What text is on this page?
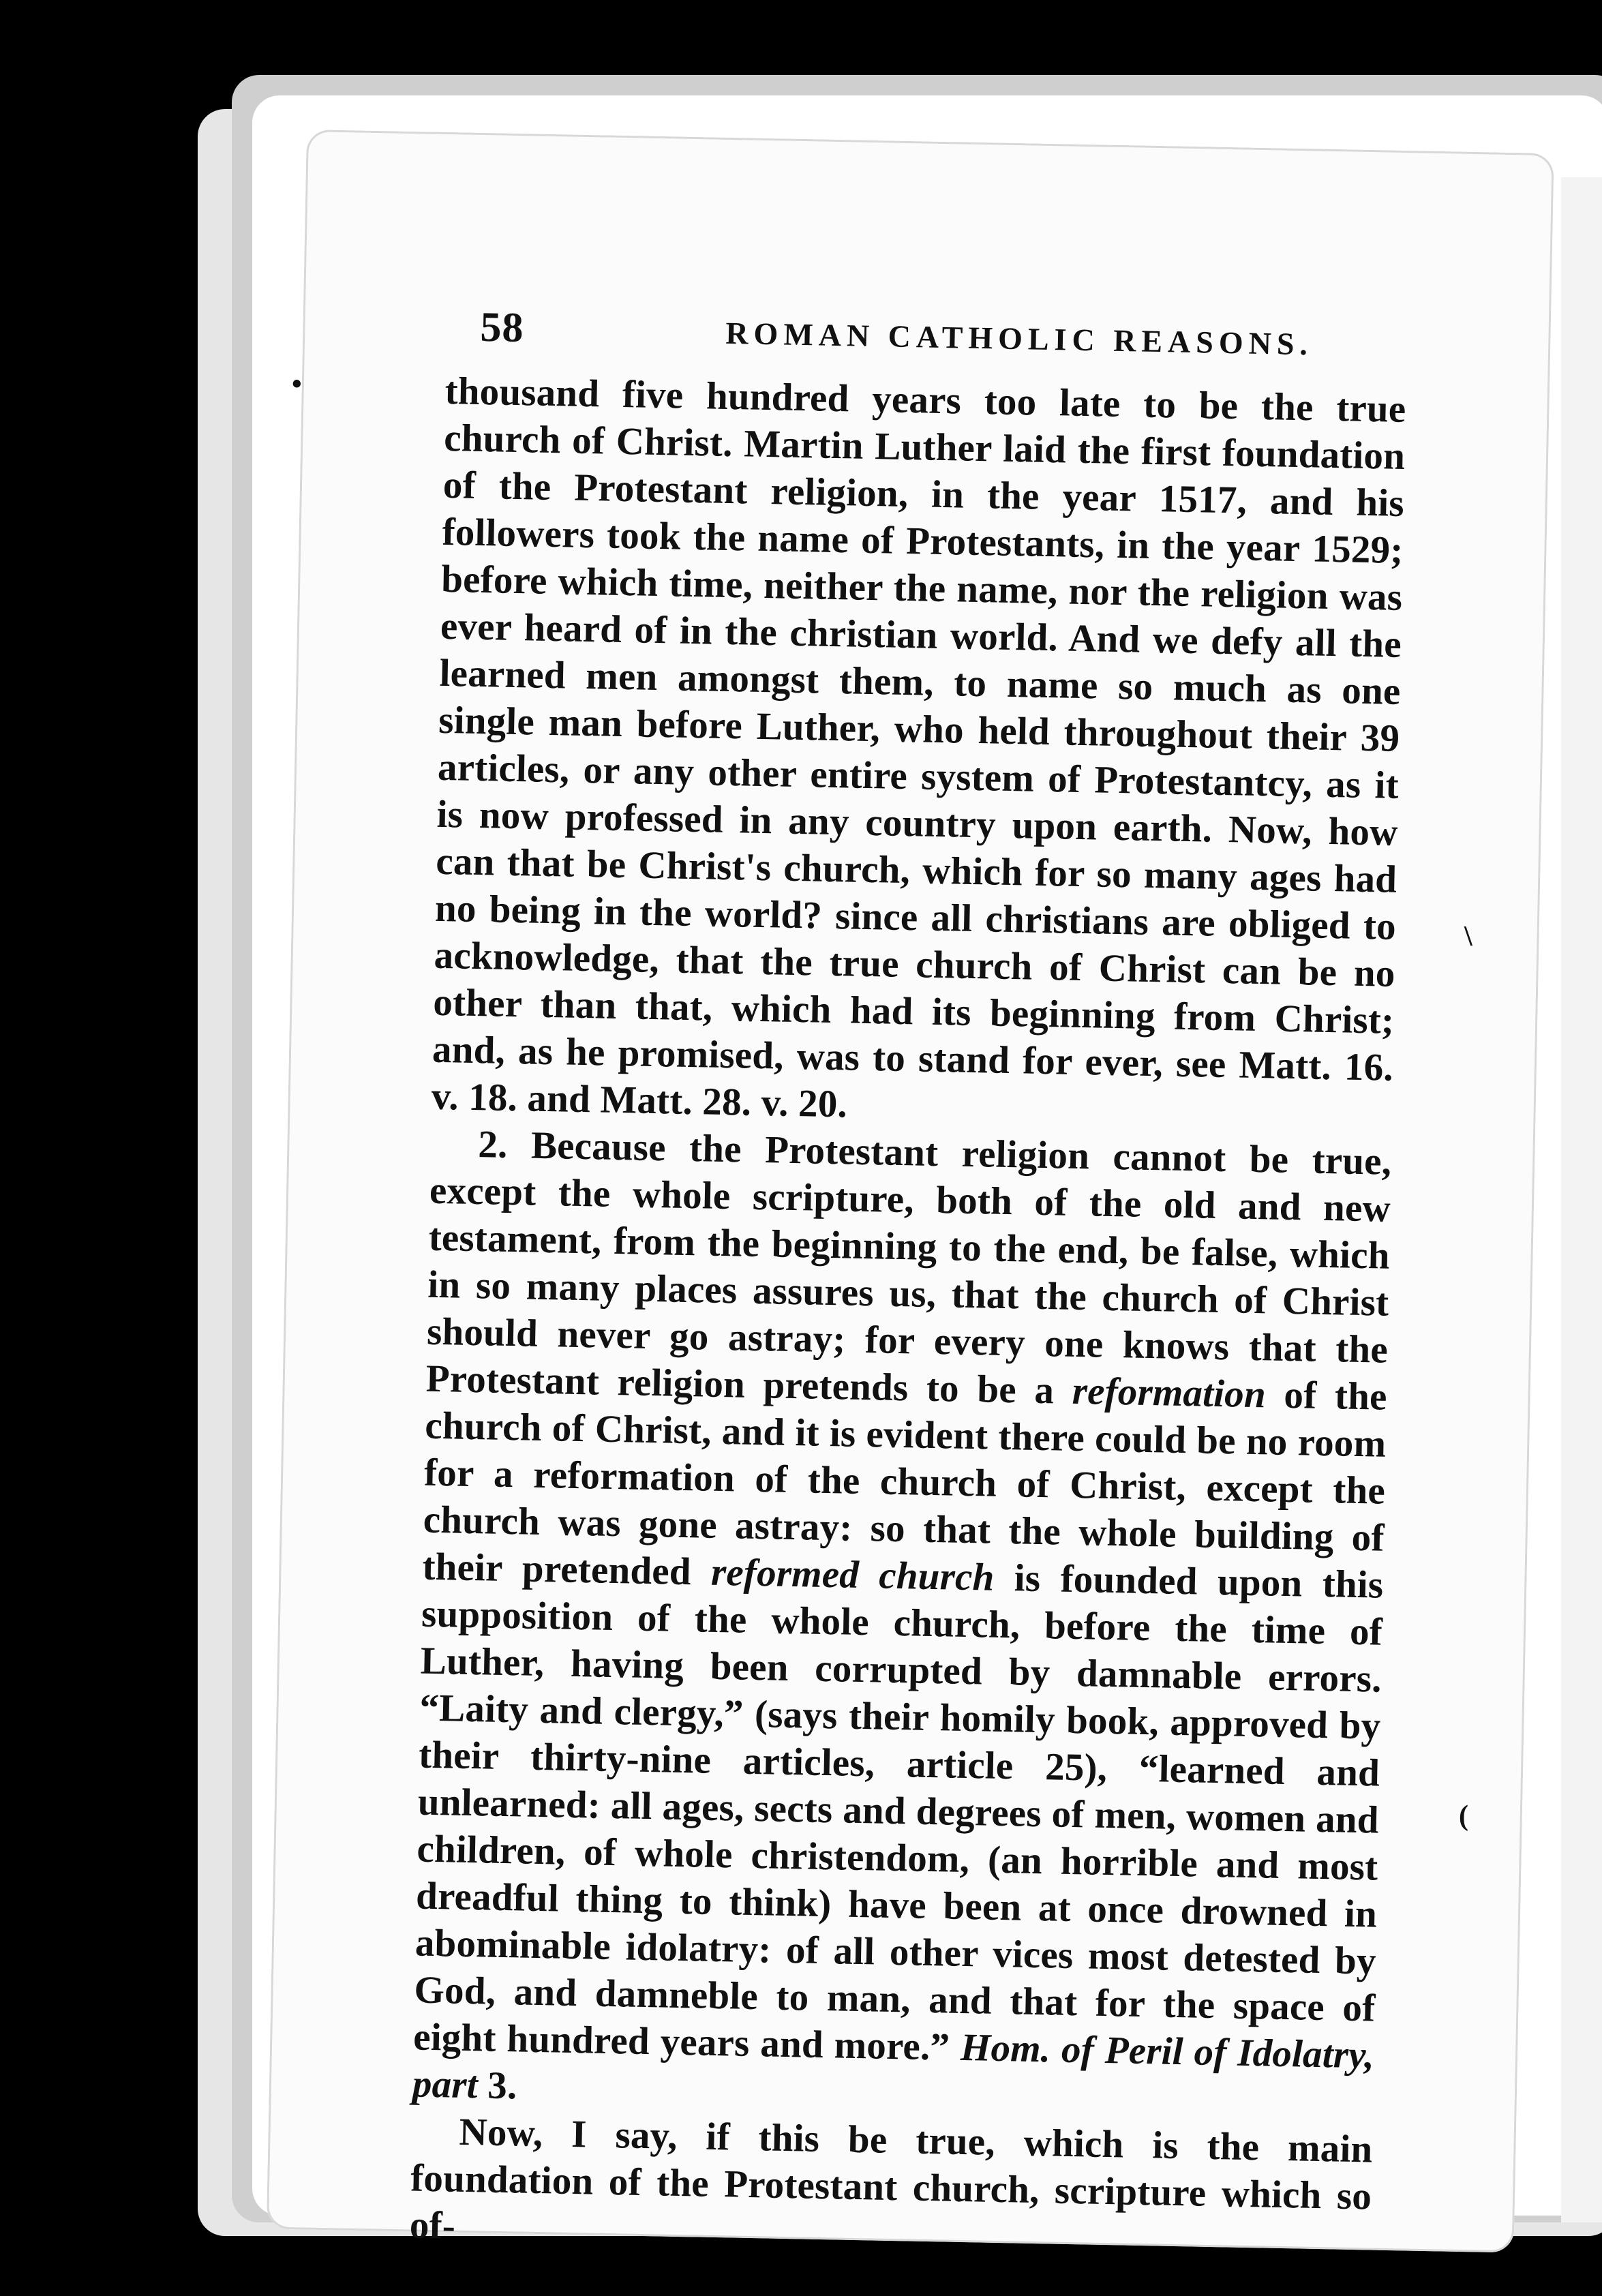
58	ROMAN CATHOLIC REASONS.

thousand five hundred years too late to be the true church of Christ. Martin Luther laid the first foundation of the Protestant religion, in the year 1517, and his followers took the name of Protestants, in the year 1529; before which time, neither the name, nor the religion was ever heard of in the christian world. And we defy all the learned men amongst them, to name so much as one single man before Luther, who held throughout their 39 articles, or any other entire system of Protestantcy, as it is now professed in any country upon earth. Now, how can that be Christ's church, which for so many ages had no being in the world? since all christians are obliged to acknowledge, that the true church of Christ can be no other than that, which had its beginning from Christ; and, as he promised, was to stand for ever, see Matt. 16. v. 18. and Matt. 28. v. 20.

2. Because the Protestant religion cannot be true, except the whole scripture, both of the old and new testament, from the beginning to the end, be false, which in so many places assures us, that the church of Christ should never go astray; for every one knows that the Protestant religion pretends to be a reformation of the church of Christ, and it is evident there could be no room for a reformation of the church of Christ, except the church was gone astray: so that the whole building of their pretended reformed church is founded upon this supposition of the whole church, before the time of Luther, having been corrupted by damnable errors. “Laity and clergy,” (says their homily book, approved by their thirty-nine articles, article 25), “learned and unlearned: all ages, sects and degrees of men, women and children, of whole christendom, (an horrible and most dreadful thing to think) have been at once drowned in abominable idolatry: of all other vices most detested by God, and damneble to man, and that for the space of eight hundred years and more.” Hom. of Peril of Idolatry, part 3.

Now, I say, if this be true, which is the main foundation of the Protestant church, scripture which so of-

•
\
(
